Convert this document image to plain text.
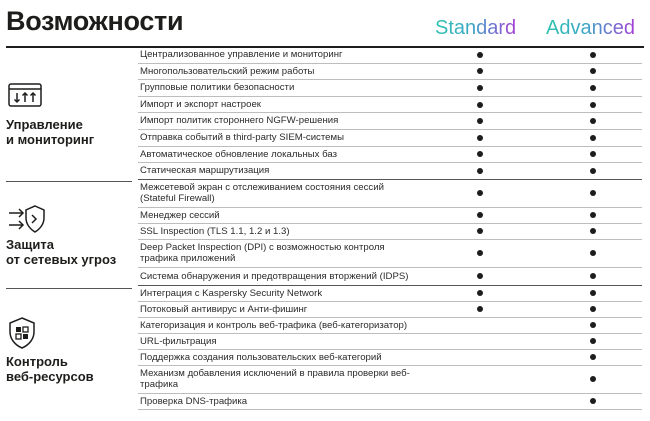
Возможности	Standard Advanced
Управление
и мониторинг
Защита
от сетевых угроз
Контроль
веб-ресурсов
Централизованное управление и мониторинг
Многопользовательский режим работы
Групповые политики безопасности
Импорт и экспорт настроек
Импорт политик стороннего NGFW-решения
Отправка событий в third-party SIEM-системы
Автоматическое обновление локальных баз
Статическая маршрутизация
Межсетевой экран с отслеживанием состояния сессий (Stateful Firewall)
Менеджер сессий
SSL Inspection (TLS 1.1, 1.2 и 1.3)
Deep Packet Inspection (DPI) с возможностью контроля трафика приложений
Система обнаружения и предотвращения вторжений (IDPS)
Интеграция с Kaspersky Security Network
Потоковый антивирус и Анти-фишинг
Категоризация и контроль веб-трафика (веб-категоризатор)
URL-фильтрация
Поддержка создания пользовательских веб-категорий
Механизм добавления исключений в правила проверки веб-трафика
Проверка DNS-трафика
